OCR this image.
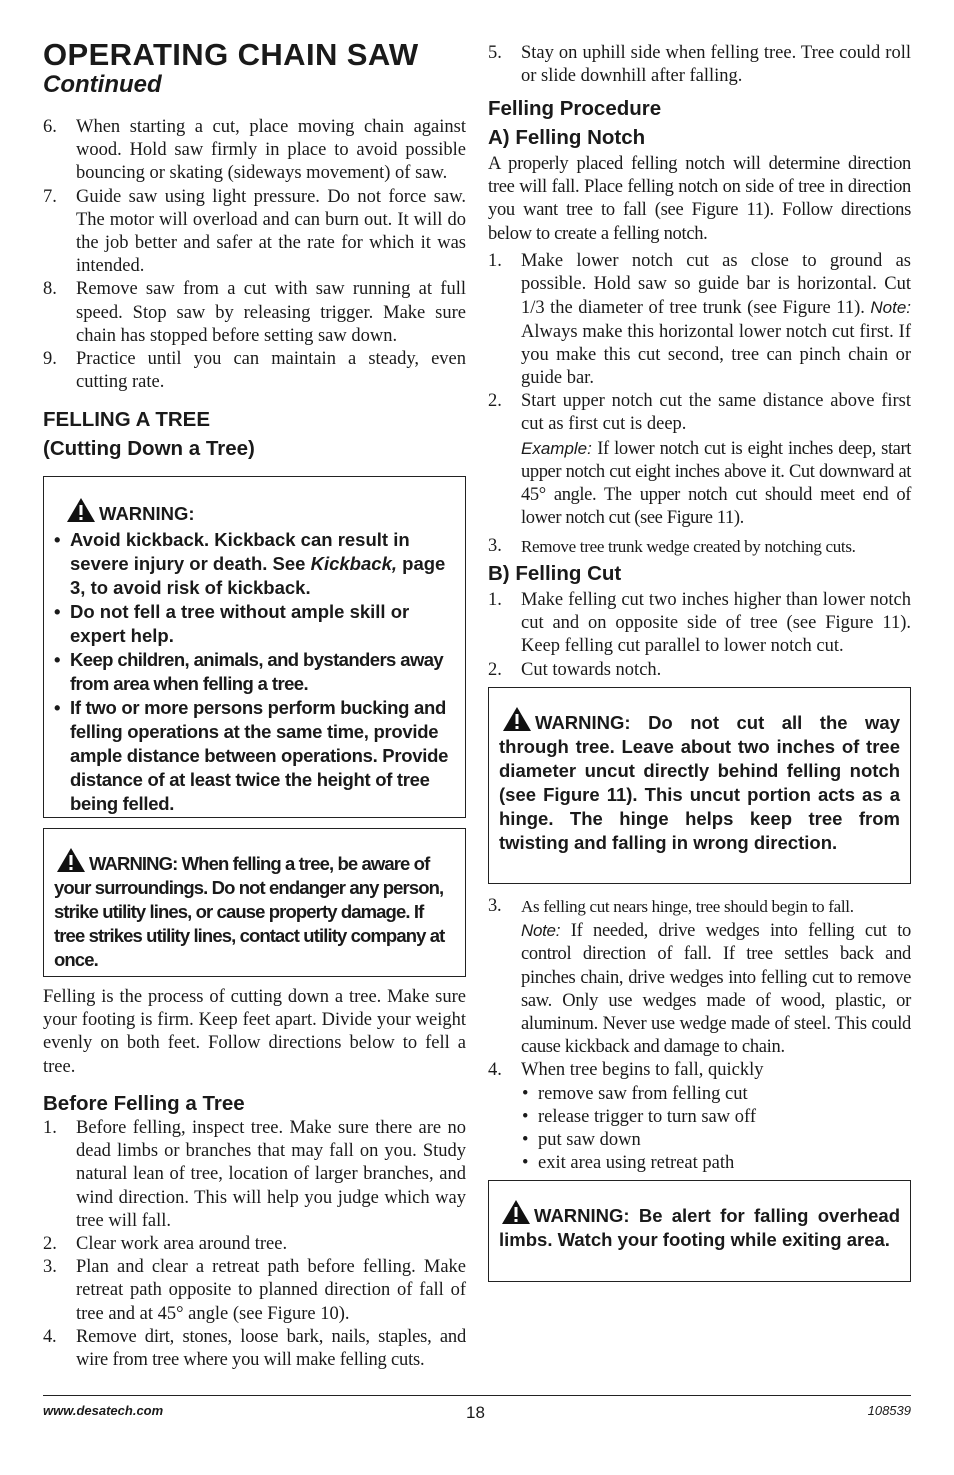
OPERATING CHAIN SAW
Continued
6. When starting a cut, place moving chain against wood. Hold saw firmly in place to avoid possible bouncing or skating (sideways movement) of saw.
7. Guide saw using light pressure. Do not force saw. The motor will overload and can burn out. It will do the job better and safer at the rate for which it was intended.
8. Remove saw from a cut with saw running at full speed. Stop saw by releasing trigger. Make sure chain has stopped before setting saw down.
9. Practice until you can maintain a steady, even cutting rate.
FELLING A TREE
(Cutting Down a Tree)
WARNING:
• Avoid kickback. Kickback can result in severe injury or death. See Kickback, page 3, to avoid risk of kickback.
• Do not fell a tree without ample skill or expert help.
• Keep children, animals, and bystanders away from area when felling a tree.
• If two or more persons perform bucking and felling operations at the same time, provide ample distance between operations. Provide distance of at least twice the height of tree being felled.
WARNING: When felling a tree, be aware of your surroundings. Do not endanger any person, strike utility lines, or cause property damage. If tree strikes utility lines, contact utility company at once.

Felling is the process of cutting down a tree. Make sure your footing is firm. Keep feet apart. Divide your weight evenly on both feet. Follow directions below to fell a tree.

Before Felling a Tree
1. Before felling, inspect tree. Make sure there are no dead limbs or branches that may fall on you. Study natural lean of tree, location of larger branches, and wind direction. This will help you judge which way tree will fall.
2. Clear work area around tree.
3. Plan and clear a retreat path before felling. Make retreat path opposite to planned direction of fall of tree and at 45° angle (see Figure 10).
4. Remove dirt, stones, loose bark, nails, staples, and wire from tree where you will make felling cuts.
5. Stay on uphill side when felling tree. Tree could roll or slide downhill after falling.
Felling Procedure
A) Felling Notch

A properly placed felling notch will determine direction tree will fall. Place felling notch on side of tree in direction you want tree to fall (see Figure 11). Follow directions below to create a felling notch.

1. Make lower notch cut as close to ground as possible. Hold saw so guide bar is horizontal. Cut 1/3 the diameter of tree trunk (see Figure 11). Note: Always make this horizontal lower notch cut first. If you make this cut second, tree can pinch chain or guide bar.
2. Start upper notch cut the same distance above first cut as first cut is deep.
Example: If lower notch cut is eight inches deep, start upper notch cut eight inches above it. Cut downward at 45° angle. The upper notch cut should meet end of lower notch cut (see Figure 11).
3. Remove tree trunk wedge created by notching cuts.
B) Felling Cut
1. Make felling cut two inches higher than lower notch cut and on opposite side of tree (see Figure 11). Keep felling cut parallel to lower notch cut.
2. Cut towards notch.
WARNING: Do not cut all the way through tree. Leave about two inches of tree diameter uncut directly behind felling notch (see Figure 11). This uncut portion acts as a hinge. The hinge helps keep tree from twisting and falling in wrong direction.
3. As felling cut nears hinge, tree should begin to fall.
Note: If needed, drive wedges into felling cut to control direction of fall. If tree settles back and pinches chain, drive wedges into felling cut to remove saw. Only use wedges made of wood, plastic, or aluminum. Never use wedge made of steel. This could cause kickback and damage to chain.
4. When tree begins to fall, quickly
• remove saw from felling cut
• release trigger to turn saw off
• put saw down
• exit area using retreat path
WARNING: Be alert for falling overhead limbs. Watch your footing while exiting area.
www.desatech.com	18	108539
